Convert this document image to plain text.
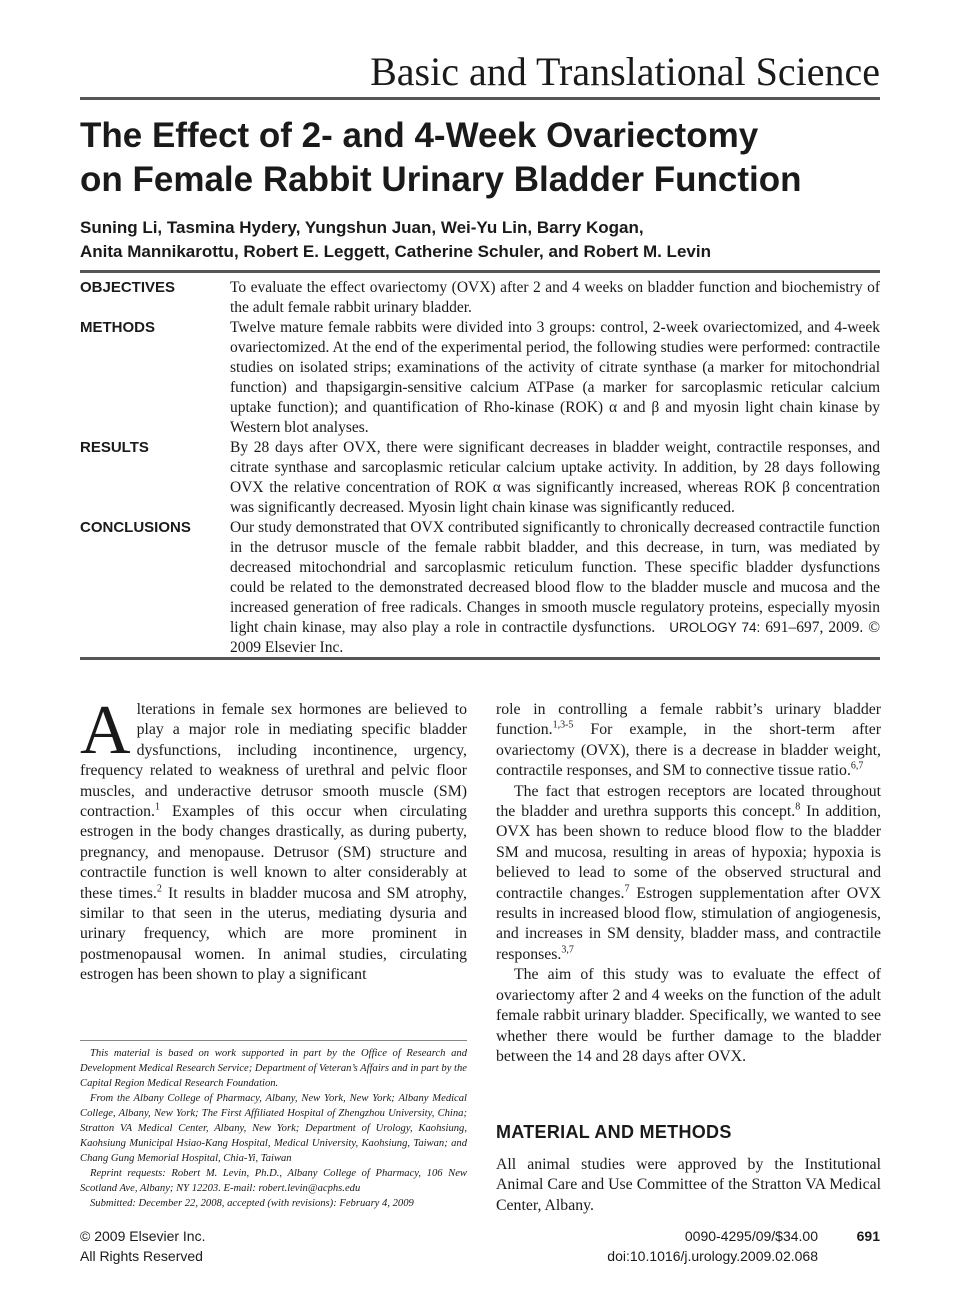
Basic and Translational Science
The Effect of 2- and 4-Week Ovariectomy
on Female Rabbit Urinary Bladder Function
Suning Li, Tasmina Hydery, Yungshun Juan, Wei-Yu Lin, Barry Kogan,
Anita Mannikarottu, Robert E. Leggett, Catherine Schuler, and Robert M. Levin
OBJECTIVES	To evaluate the effect ovariectomy (OVX) after 2 and 4 weeks on bladder function and biochemistry of the adult female rabbit urinary bladder.
METHODS	Twelve mature female rabbits were divided into 3 groups: control, 2-week ovariectomized, and 4-week ovariectomized. At the end of the experimental period, the following studies were performed: contractile studies on isolated strips; examinations of the activity of citrate synthase (a marker for mitochondrial function) and thapsigargin-sensitive calcium ATPase (a marker for sarcoplasmic reticular calcium uptake function); and quantification of Rho-kinase (ROK) α and β and myosin light chain kinase by Western blot analyses.
RESULTS	By 28 days after OVX, there were significant decreases in bladder weight, contractile responses, and citrate synthase and sarcoplasmic reticular calcium uptake activity. In addition, by 28 days following OVX the relative concentration of ROK α was significantly increased, whereas ROK β concentration was significantly decreased. Myosin light chain kinase was significantly reduced.
CONCLUSIONS	Our study demonstrated that OVX contributed significantly to chronically decreased contractile function in the detrusor muscle of the female rabbit bladder, and this decrease, in turn, was mediated by decreased mitochondrial and sarcoplasmic reticulum function. These specific bladder dysfunctions could be related to the demonstrated decreased blood flow to the bladder muscle and mucosa and the increased generation of free radicals. Changes in smooth muscle regulatory proteins, especially myosin light chain kinase, may also play a role in contractile dysfunctions. UROLOGY 74: 691–697, 2009. © 2009 Elsevier Inc.

Alterations in female sex hormones are believed to play a major role in mediating specific bladder dysfunctions, including incontinence, urgency, frequency related to weakness of urethral and pelvic floor muscles, and underactive detrusor smooth muscle (SM) contraction.$^1$ Examples of this occur when circulating estrogen in the body changes drastically, as during puberty, pregnancy, and menopause. Detrusor (SM) structure and contractile function is well known to alter considerably at these times.$^2$ It results in bladder mucosa and SM atrophy, similar to that seen in the uterus, mediating dysuria and urinary frequency, which are more prominent in postmenopausal women. In animal studies, circulating estrogen has been shown to play a significant

role in controlling a female rabbit’s urinary bladder function.$^{1,3-5}$ For example, in the short-term after ovariectomy (OVX), there is a decrease in bladder weight, contractile responses, and SM to connective tissue ratio.$^{6,7}$

The fact that estrogen receptors are located throughout the bladder and urethra supports this concept.$^8$ In addition, OVX has been shown to reduce blood flow to the bladder SM and mucosa, resulting in areas of hypoxia; hypoxia is believed to lead to some of the observed structural and contractile changes.$^7$ Estrogen supplementation after OVX results in increased blood flow, stimulation of angiogenesis, and increases in SM density, bladder mass, and contractile responses.$^{3,7}$

The aim of this study was to evaluate the effect of ovariectomy after 2 and 4 weeks on the function of the adult female rabbit urinary bladder. Specifically, we wanted to see whether there would be further damage to the bladder between the 14 and 28 days after OVX.

MATERIAL AND METHODS
All animal studies were approved by the Institutional Animal Care and Use Committee of the Stratton VA Medical Center, Albany.

This material is based on work supported in part by the Office of Research and Development Medical Research Service; Department of Veteran’s Affairs and in part by the Capital Region Medical Research Foundation.

From the Albany College of Pharmacy, Albany, New York, New York; Albany Medical College, Albany, New York; The First Affiliated Hospital of Zhengzhou University, China; Stratton VA Medical Center, Albany, New York; Department of Urology, Kaohsiung, Kaohsiung Municipal Hsiao-Kang Hospital, Medical University, Kaohsiung, Taiwan; and Chang Gung Memorial Hospital, Chia-Yi, Taiwan

Reprint requests: Robert M. Levin, Ph.D., Albany College of Pharmacy, 106 New Scotland Ave, Albany; NY 12203. E-mail: robert.levin@acphs.edu

Submitted: December 22, 2008, accepted (with revisions): February 4, 2009

© 2009 Elsevier Inc.
All Rights Reserved
0090-4295/09/$34.00
doi:10.1016/j.urology.2009.02.068
691
